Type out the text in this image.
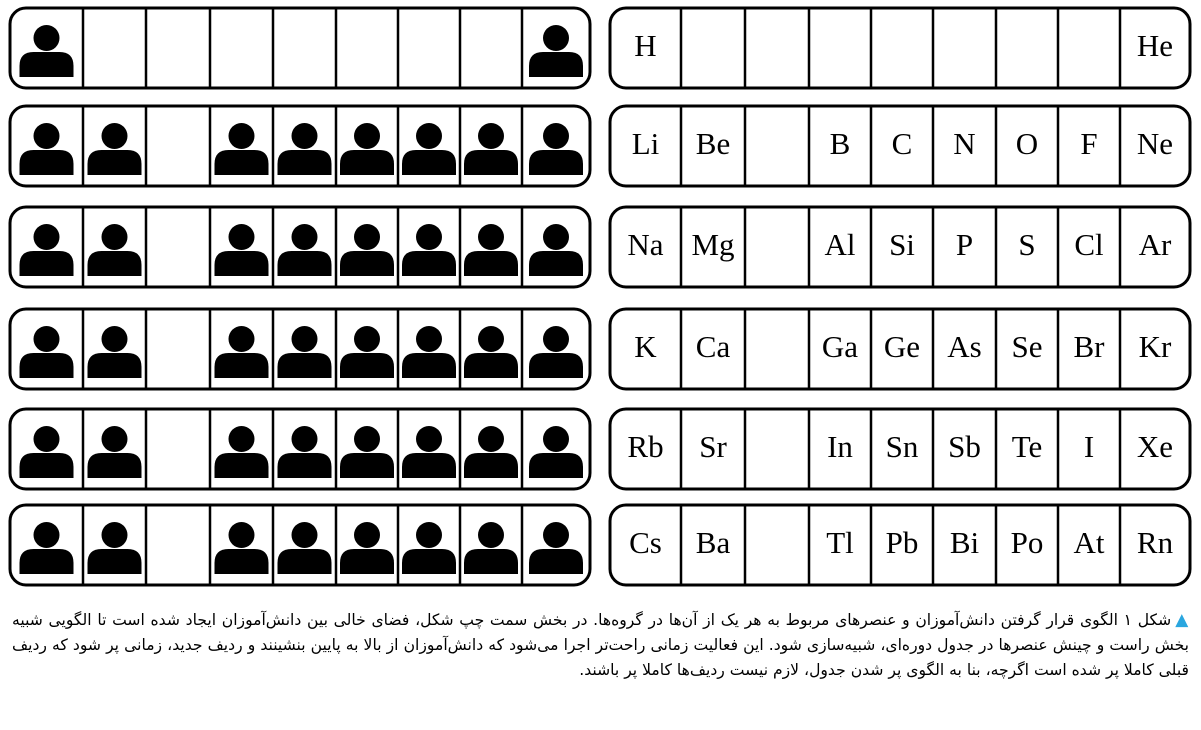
H	He
Li Be	B C N O F Ne
Na Mg	Al Si P S Cl Ar
K Ca	Ga Ge As Se Br Kr
Rb Sr	In Sn Sb Te I Xe
Cs Ba	Tl Pb Bi Po At Rn
▲شکل ۱ الگوی قرار گرفتن دانش‌آموزان و عنصرهای مربوط به هر یک از آن‌ها در گروه‌ها. در بخش سمت چپ شکل، فضای خالی بین دانش‌آموزان ایجاد شده است تا الگویی شبیه بخش راست و چینش عنصرها در جدول دوره‌ای، شبیه‌سازی شود. این فعالیت زمانی راحت‌تر اجرا می‌شود که دانش‌آموزان از بالا به پایین بنشینند و ردیف جدید، زمانی پر شود که ردیف قبلی کاملا پر شده است اگرچه، بنا به الگوی پر شدن جدول، لازم نیست ردیف‌ها کاملا پر باشند.
